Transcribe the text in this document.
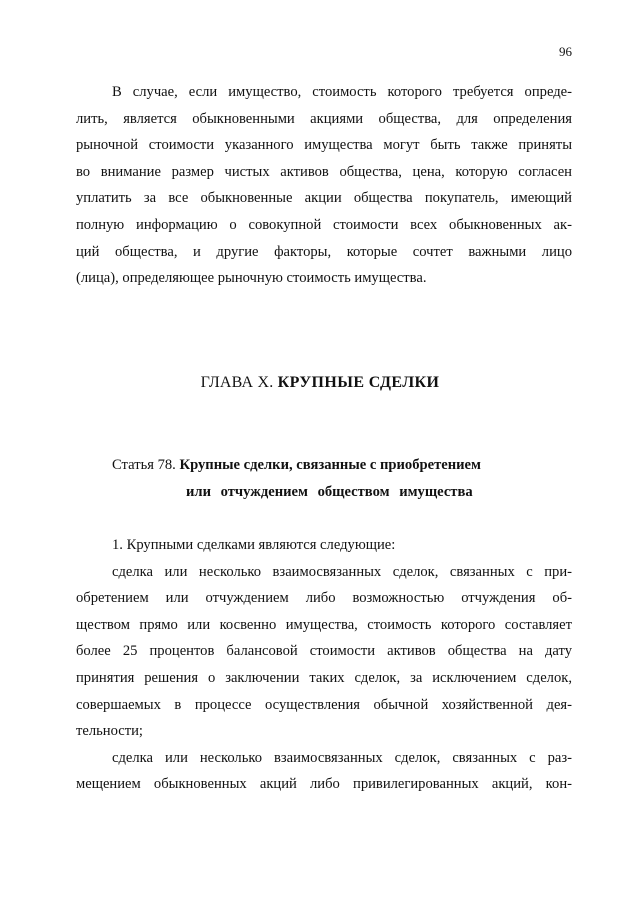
96
В случае, если имущество, стоимость которого требуется опреде-
лить, является обыкновенными акциями общества, для определения
рыночной стоимости указанного имущества могут быть также приняты
во внимание размер чистых активов общества, цена, которую согласен
уплатить за все обыкновенные акции общества покупатель, имеющий
полную информацию о совокупной стоимости всех обыкновенных ак-
ций общества, и другие факторы, которые сочтет важными лицо
(лица), определяющее рыночную стоимость имущества.
ГЛАВА X. КРУПНЫЕ СДЕЛКИ
Статья 78. Крупные сделки, связанные с приобретением
или отчуждением обществом имущества
1. Крупными сделками являются следующие:
сделка или несколько взаимосвязанных сделок, связанных с при-
обретением или отчуждением либо возможностью отчуждения об-
ществом прямо или косвенно имущества, стоимость которого составляет
более 25 процентов балансовой стоимости активов общества на дату
принятия решения о заключении таких сделок, за исключением сделок,
совершаемых в процессе осуществления обычной хозяйственной дея-
тельности;
сделка или несколько взаимосвязанных сделок, связанных с раз-
мещением обыкновенных акций либо привилегированных акций, кон-
